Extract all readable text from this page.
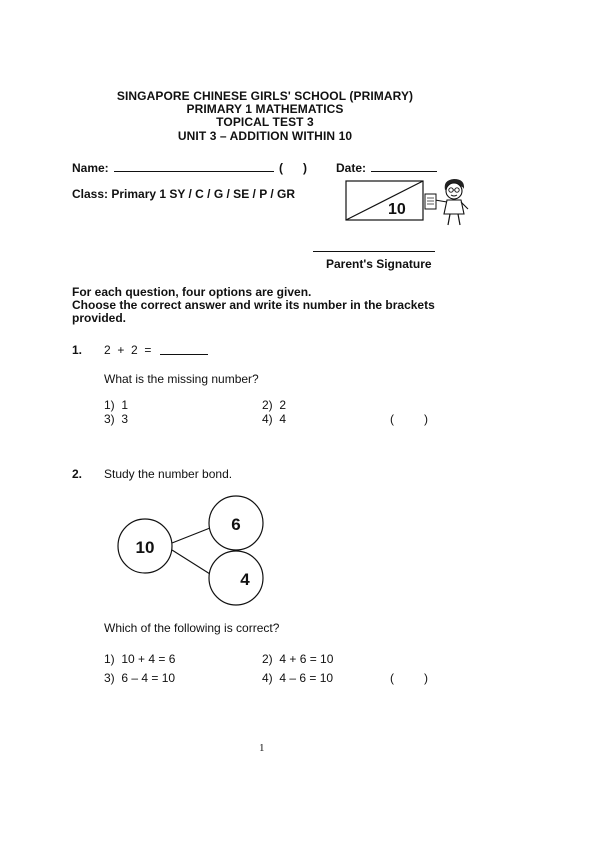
SINGAPORE CHINESE GIRLS' SCHOOL (PRIMARY)
PRIMARY 1 MATHEMATICS
TOPICAL TEST 3
UNIT 3 – ADDITION WITHIN 10
Name:	(      ) Date:
Class: Primary 1 SY / C / G / SE / P / GR
10
Parent's Signature
For each question, four options are given.
Choose the correct answer and write its number in the brackets
provided.
1. 2  +  2  =
What is the missing number?
1)  1	2)  2
3)  3	4)  4	(         )
2. Study the number bond.
10
6
4
Which of the following is correct?
1)  10 + 4 = 6	2)  4 + 6 = 10
3)  6 – 4 = 10	4)  4 – 6 = 10	(         )
1
